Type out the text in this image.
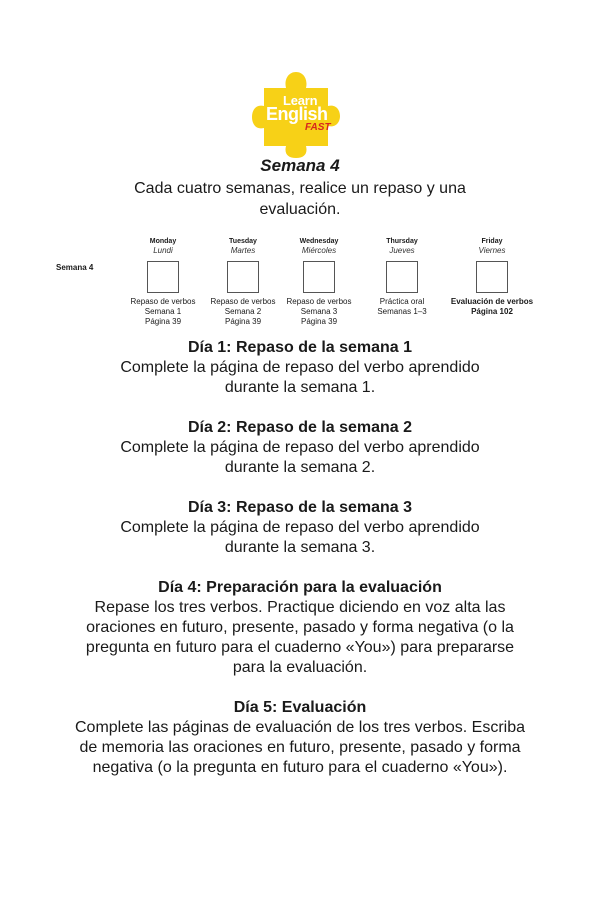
Learn
English
FAST
®
Semana 4
Cada cuatro semanas, realice un repaso y una evaluación.
Semana 4
Monday
Lundi
Repaso de verbos
Semana 1
Página 39
Tuesday
Martes
Repaso de verbos
Semana 2
Página 39
Wednesday
Miércoles
Repaso de verbos
Semana 3
Página 39
Thursday
Jueves
Práctica oral
Semanas 1–3
Friday
Viernes
Evaluación de verbos
Página 102
Día 1: Repaso de la semana 1
Complete la página de repaso del verbo aprendido durante la semana 1.
Día 2: Repaso de la semana 2
Complete la página de repaso del verbo aprendido durante la semana 2.
Día 3: Repaso de la semana 3
Complete la página de repaso del verbo aprendido durante la semana 3.
Día 4: Preparación para la evaluación
Repase los tres verbos. Practique diciendo en voz alta las oraciones en futuro, presente, pasado y forma negativa (o la pregunta en futuro para el cuaderno «You») para prepararse para la evaluación.
Día 5: Evaluación
Complete las páginas de evaluación de los tres verbos. Escriba de memoria las oraciones en futuro, presente, pasado y forma negativa (o la pregunta en futuro para el cuaderno «You»).
